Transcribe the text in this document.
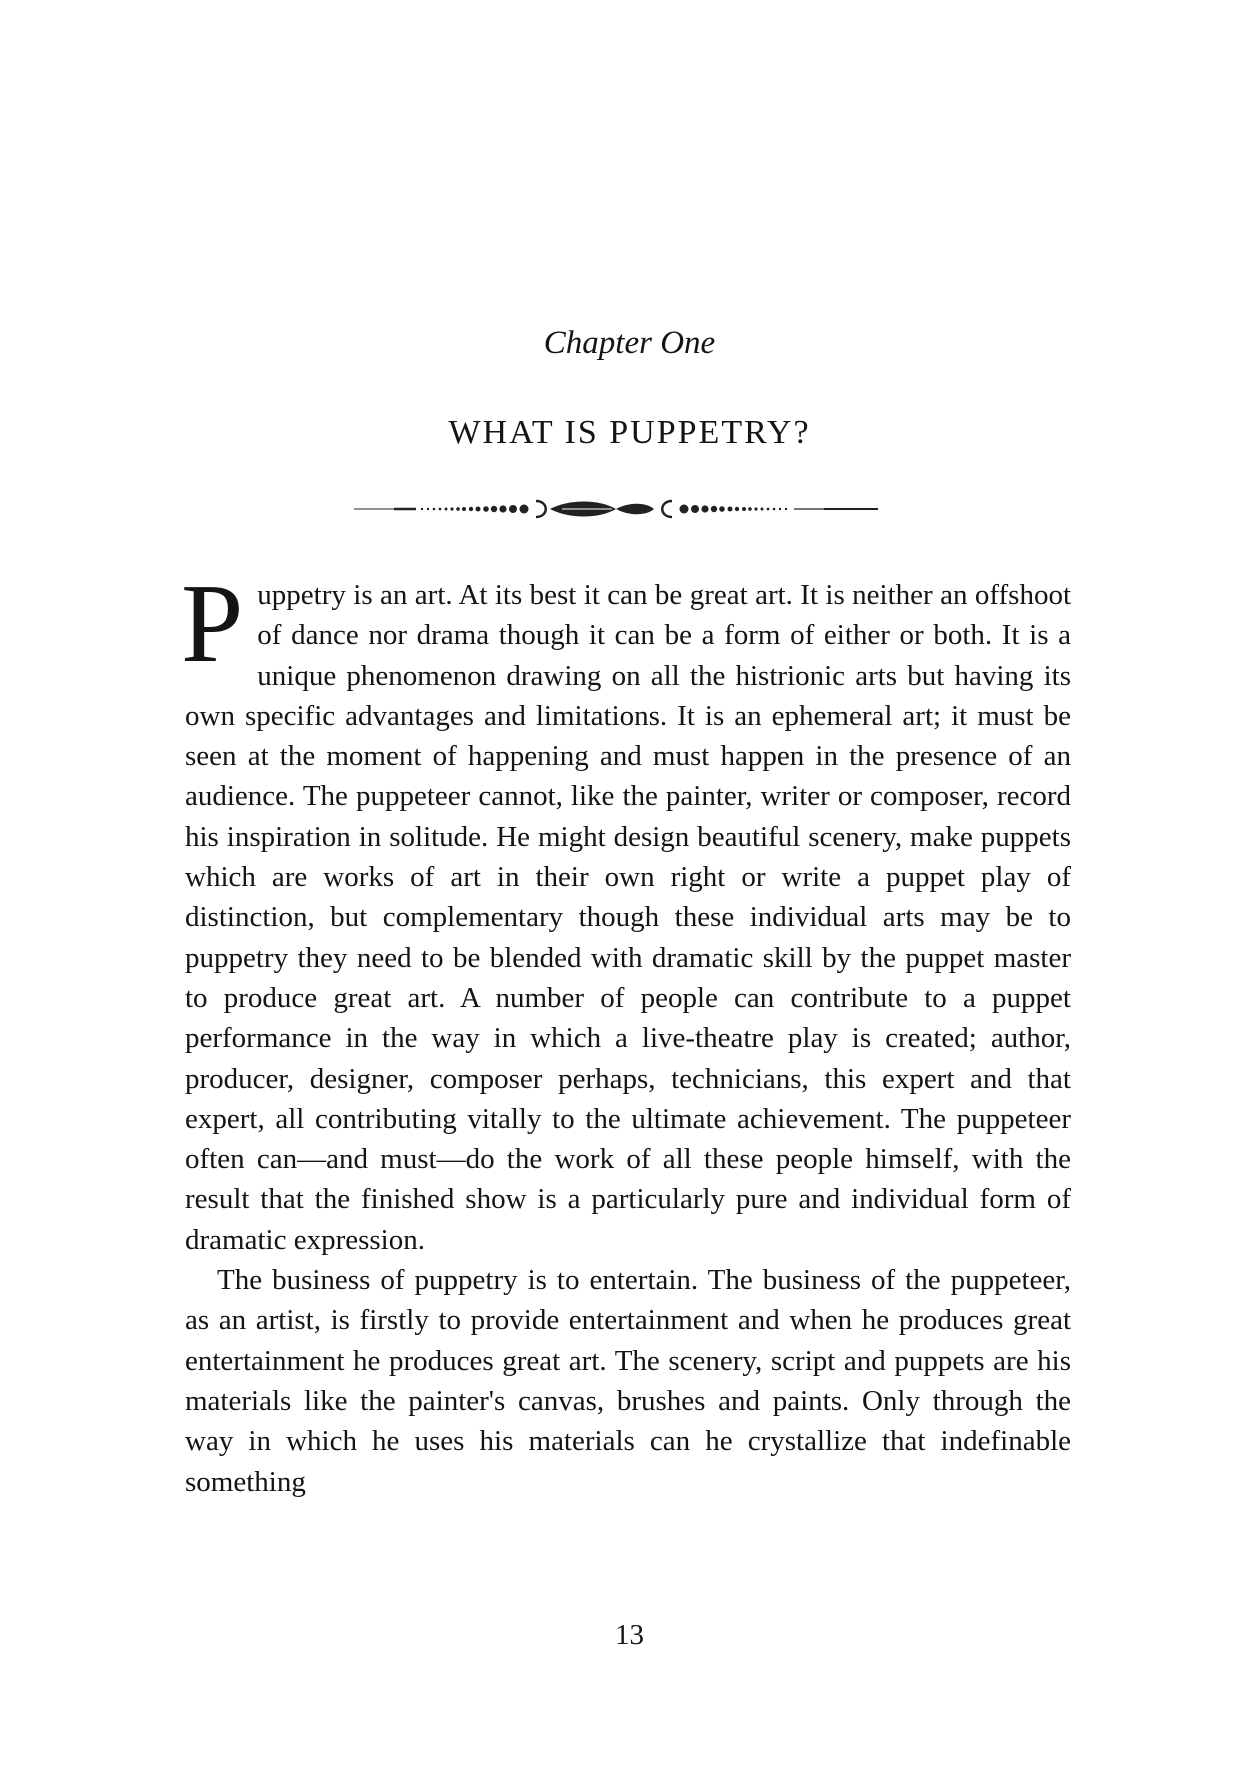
Chapter One
WHAT IS PUPPETRY?

Puppetry is an art. At its best it can be great art. It is neither an offshoot of dance nor drama though it can be a form of either or both. It is a unique phenomenon drawing on all the histrionic arts but having its own specific advantages and limitations. It is an ephemeral art; it must be seen at the moment of happening and must happen in the presence of an audience. The puppeteer cannot, like the painter, writer or composer, record his inspiration in solitude. He might design beautiful scenery, make puppets which are works of art in their own right or write a puppet play of distinction, but complementary though these individual arts may be to puppetry they need to be blended with dramatic skill by the puppet master to produce great art. A number of people can contribute to a puppet performance in the way in which a live-theatre play is created; author, producer, designer, composer perhaps, technicians, this expert and that expert, all contributing vitally to the ultimate achievement. The puppeteer often can—and must—do the work of all these people himself, with the result that the finished show is a particularly pure and individual form of dramatic expression.

The business of puppetry is to entertain. The business of the puppeteer, as an artist, is firstly to provide entertainment and when he produces great entertainment he produces great art. The scenery, script and puppets are his materials like the painter's canvas, brushes and paints. Only through the way in which he uses his materials can he crystallize that indefinable something

13
